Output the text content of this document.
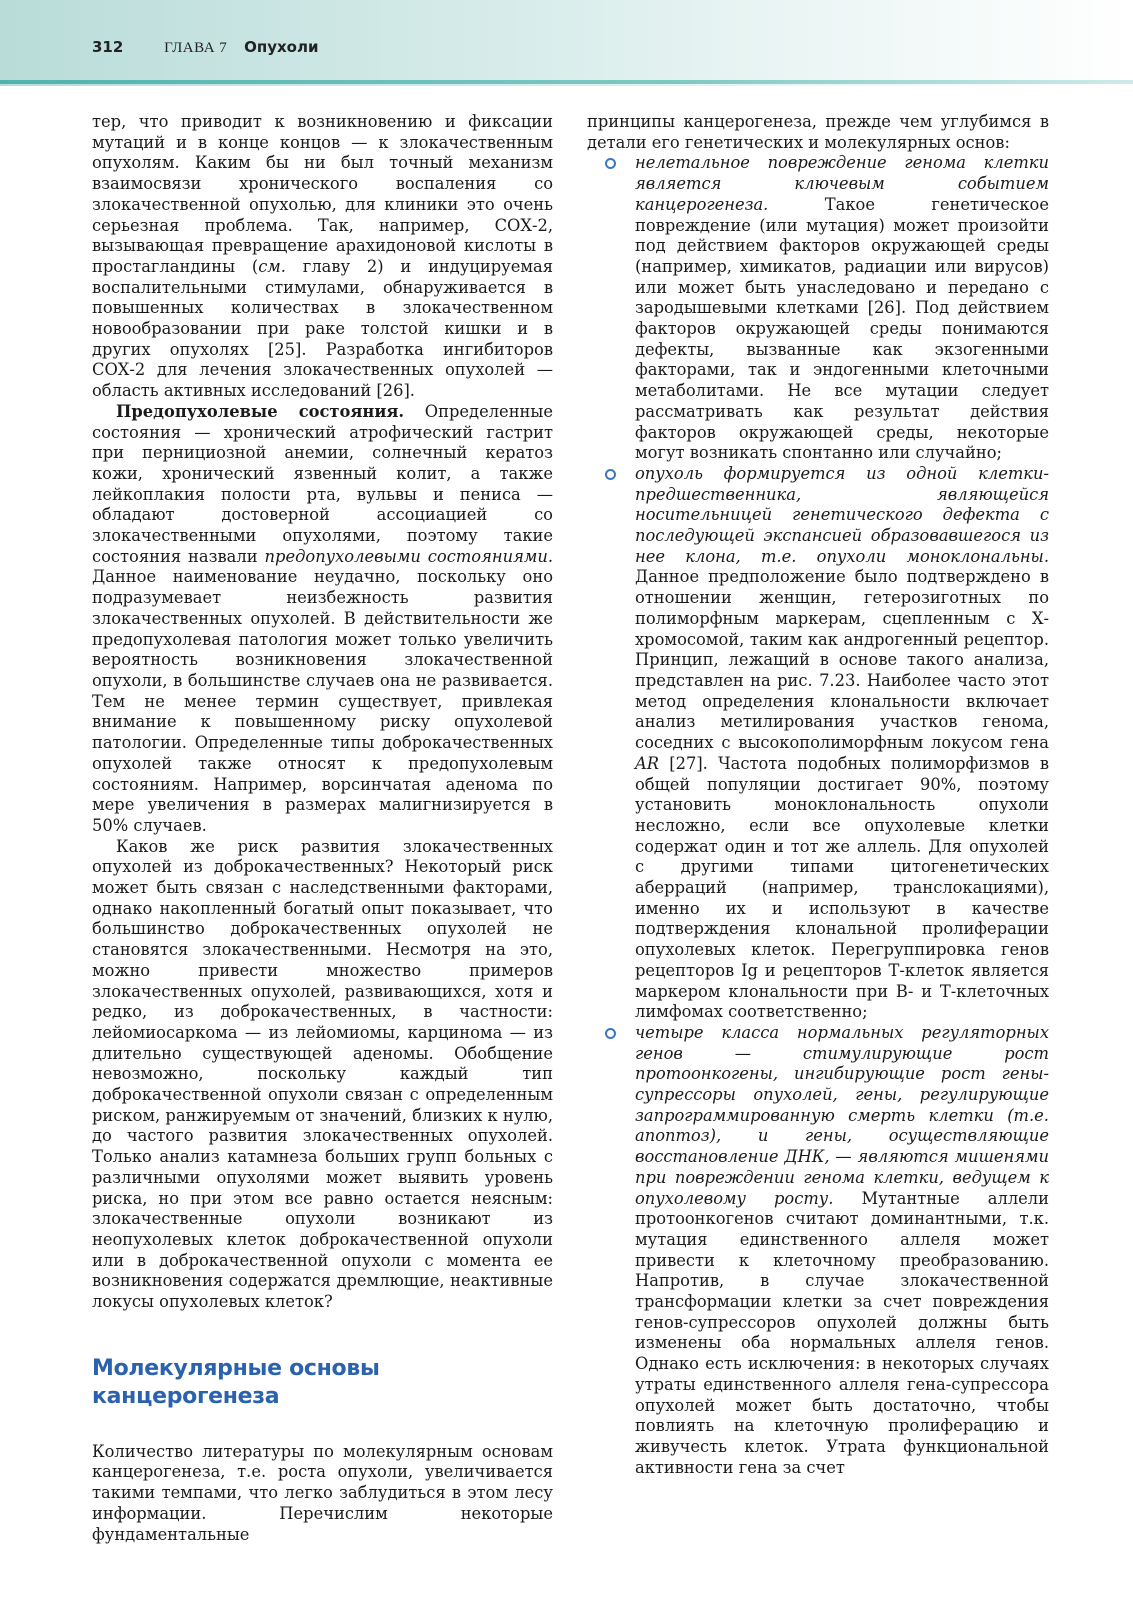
312	ГЛАВА 7 Опухоли

тер, что приводит к возникновению и фиксации мутаций и в конце концов — к злокачественным опухолям. Каким бы ни был точный механизм взаимосвязи хронического воспаления со злокачественной опухолью, для клиники это очень серьезная проблема. Так, например, СОХ-2, вызывающая превращение арахидоновой кислоты в простагландины (см. главу 2) и индуцируемая воспалительными стимулами, обнаруживается в повышенных количествах в злокачественном новообразовании при раке толстой кишки и в других опухолях [25]. Разработка ингибиторов СОХ-2 для лечения злокачественных опухолей — область активных исследований [26].

Предопухолевые состояния. Определенные состояния — хронический атрофический гастрит при пернициозной анемии, солнечный кератоз кожи, хронический язвенный колит, а также лейкоплакия полости рта, вульвы и пениса — обладают достоверной ассоциацией со злокачественными опухолями, поэтому такие состояния назвали предопухолевыми состояниями. Данное наименование неудачно, поскольку оно подразумевает неизбежность развития злокачественных опухолей. В действительности же предопухолевая патология может только увеличить вероятность возникновения злокачественной опухоли, в большинстве случаев она не развивается. Тем не менее термин существует, привлекая внимание к повышенному риску опухолевой патологии. Определенные типы доброкачественных опухолей также относят к предопухолевым состояниям. Например, ворсинчатая аденома по мере увеличения в размерах малигнизируется в 50% случаев.

Каков же риск развития злокачественных опухолей из доброкачественных? Некоторый риск может быть связан с наследственными факторами, однако накопленный богатый опыт показывает, что большинство доброкачественных опухолей не становятся злокачественными. Несмотря на это, можно привести множество примеров злокачественных опухолей, развивающихся, хотя и редко, из доброкачественных, в частности: лейомиосаркома — из лейомиомы, карцинома — из длительно существующей аденомы. Обобщение невозможно, поскольку каждый тип доброкачественной опухоли связан с определенным риском, ранжируемым от значений, близких к нулю, до частого развития злокачественных опухолей. Только анализ катамнеза больших групп больных с различными опухолями может выявить уровень риска, но при этом все равно остается неясным: злокачественные опухоли возникают из неопухолевых клеток доброкачественной опухоли или в доброкачественной опухоли с момента ее возникновения содержатся дремлющие, неактивные локусы опухолевых клеток?

Молекулярные основы канцерогенеза

Количество литературы по молекулярным основам канцерогенеза, т.е. роста опухоли, увеличивается такими темпами, что легко заблудиться в этом лесу информации. Перечислим некоторые фундаментальные

принципы канцерогенеза, прежде чем углубимся в детали его генетических и молекулярных основ:

нелетальное повреждение генома клетки является ключевым событием канцерогенеза. Такое генетическое повреждение (или мутация) может произойти под действием факторов окружающей среды (например, химикатов, радиации или вирусов) или может быть унаследовано и передано с зародышевыми клетками [26]. Под действием факторов окружающей среды понимаются дефекты, вызванные как экзогенными факторами, так и эндогенными клеточными метаболитами. Не все мутации следует рассматривать как результат действия факторов окружающей среды, некоторые могут возникать спонтанно или случайно;
опухоль формируется из одной клетки-предшественника, являющейся носительницей генетического дефекта с последующей экспансией образовавшегося из нее клона, т.е. опухоли моноклональны. Данное предположение было подтверждено в отношении женщин, гетерозиготных по полиморфным маркерам, сцепленным с Х-хромосомой, таким как андрогенный рецептор. Принцип, лежащий в основе такого анализа, представлен на рис. 7.23. Наиболее часто этот метод определения клональности включает анализ метилирования участков генома, соседних с высокополиморфным локусом гена AR [27]. Частота подобных полиморфизмов в общей популяции достигает 90%, поэтому установить моноклональность опухоли несложно, если все опухолевые клетки содержат один и тот же аллель. Для опухолей с другими типами цитогенетических аберраций (например, транслокациями), именно их и используют в качестве подтверждения клональной пролиферации опухолевых клеток. Перегруппировка генов рецепторов Ig и рецепторов Т-клеток является маркером клональности при В- и Т-клеточных лимфомах соответственно;
четыре класса нормальных регуляторных генов — стимулирующие рост протоонкогены, ингибирующие рост гены-супрессоры опухолей, гены, регулирующие запрограммированную смерть клетки (т.е. апоптоз), и гены, осуществляющие восстановление ДНК, — являются мишенями при повреждении генома клетки, ведущем к опухолевому росту. Мутантные аллели протоонкогенов считают доминантными, т.к. мутация единственного аллеля может привести к клеточному преобразованию. Напротив, в случае злокачественной трансформации клетки за счет повреждения генов-супрессоров опухолей должны быть изменены оба нормальных аллеля генов. Однако есть исключения: в некоторых случаях утраты единственного аллеля гена-супрессора опухолей может быть достаточно, чтобы повлиять на клеточную пролиферацию и живучесть клеток. Утрата функциональной активности гена за счет
